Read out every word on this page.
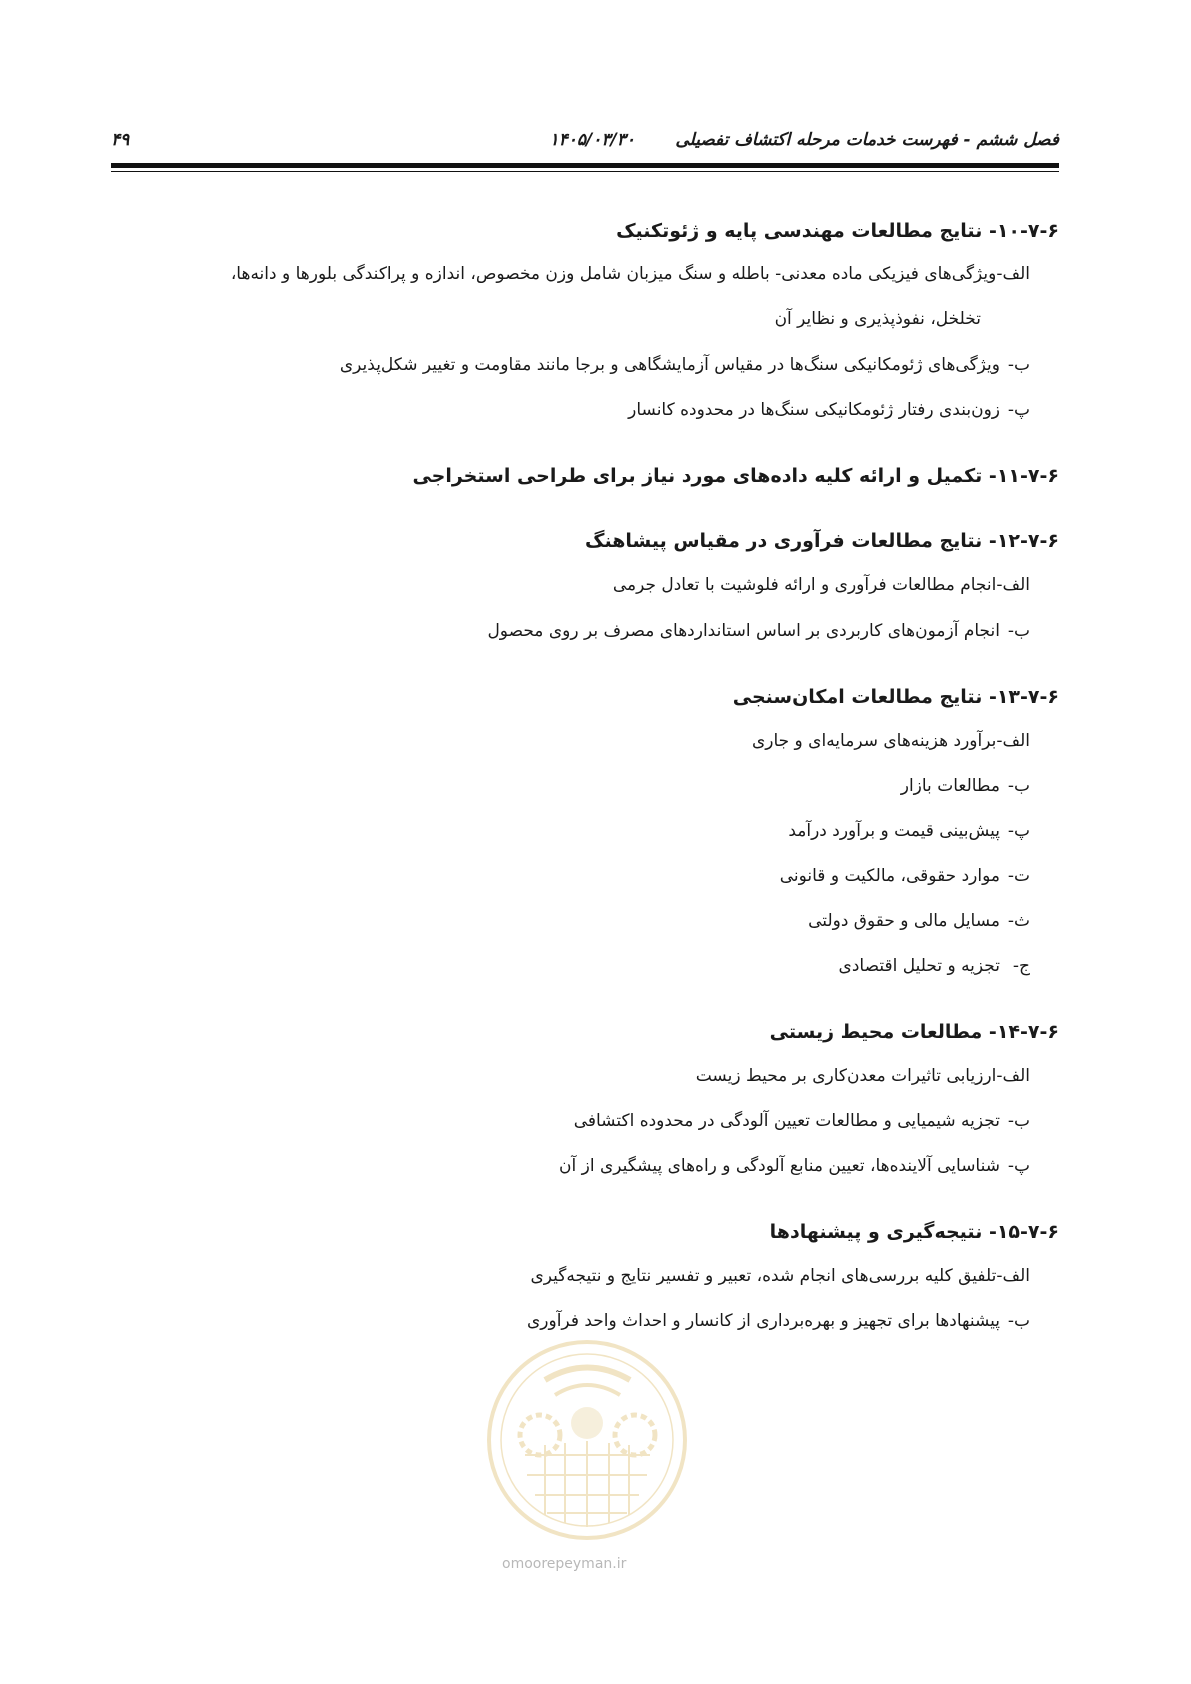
فصل ششم - فهرست خدمات مرحله اکتشاف تفصیلی
۱۴۰۵/۰۳/۳۰
۴۹
۱۰-۷-۶- نتایج مطالعات مهندسی پایه و ژئوتکنیک
الف-ویژگی‌های فیزیکی ماده معدنی- باطله و سنگ میزبان شامل وزن مخصوص، اندازه و پراکندگی بلورها و دانه‌ها،
تخلخل، نفوذپذیری و نظایر آن
ب-ویژگی‌های ژئومکانیکی سنگ‌ها در مقیاس آزمایشگاهی و برجا مانند مقاومت و تغییر شکل‌پذیری
پ-زون‌بندی رفتار ژئومکانیکی سنگ‌ها در محدوده کانسار
۱۱-۷-۶- تکمیل و ارائه کلیه داده‌های مورد نیاز برای طراحی استخراجی
۱۲-۷-۶- نتایج مطالعات فرآوری در مقیاس پیشاهنگ
الف-انجام مطالعات فرآوری و ارائه فلوشیت با تعادل جرمی
ب-انجام آزمون‌های کاربردی بر اساس استانداردهای مصرف بر روی محصول
۱۳-۷-۶- نتایج مطالعات امکان‌سنجی
الف-برآورد هزینه‌های سرمایه‌ای و جاری
ب-مطالعات بازار
پ-پیش‌بینی قیمت و برآورد درآمد
ت-موارد حقوقی، مالکیت و قانونی
ث-مسایل مالی و حقوق دولتی
ج-تجزیه و تحلیل اقتصادی
۱۴-۷-۶- مطالعات محیط زیستی
الف-ارزیابی تاثیرات معدن‌کاری بر محیط زیست
ب-تجزیه شیمیایی و مطالعات تعیین آلودگی در محدوده اکتشافی
پ-شناسایی آلاینده‌ها، تعیین منابع آلودگی و راه‌های پیشگیری از آن
۱۵-۷-۶- نتیجه‌گیری و پیشنهادها
الف-تلفیق کلیه بررسی‌های انجام شده، تعبیر و تفسیر نتایج و نتیجه‌گیری
ب-پیشنهادها برای تجهیز و بهره‌برداری از کانسار و احداث واحد فرآوری
omoorepeyman.ir
